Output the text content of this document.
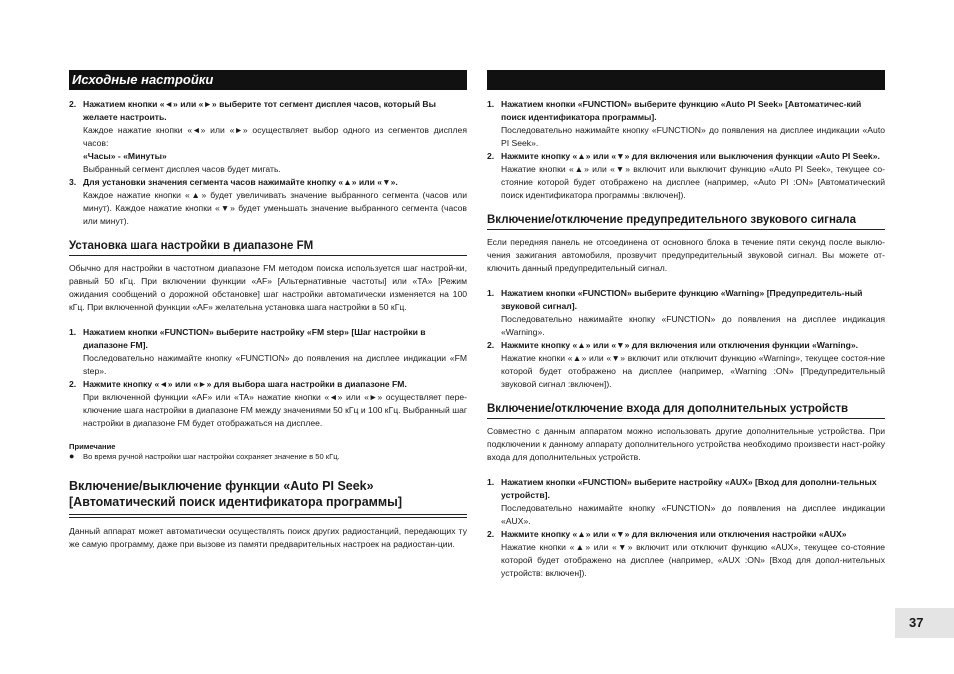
Исходные настройки
2. Нажатием кнопки «◄» или «►» выберите тот сегмент дисплея часов, который Вы желаете настроить.

Каждое нажатие кнопки «◄» или «►» осуществляет выбор одного из сегментов дисплея часов:

«Часы» - «Минуты»

Выбранный сегмент дисплея часов будет мигать.

3. Для установки значения сегмента часов нажимайте кнопку «▲» или «▼».

Каждое нажатие кнопки «▲» будет увеличивать значение выбранного сегмента (часов или минут). Каждое нажатие кнопки «▼» будет уменьшать значение выбранного сегмента (часов или минут).

Установка шага настройки в диапазоне FM

Обычно для настройки в частотном диапазоне FM методом поиска используется шаг настрой-ки, равный 50 кГц. При включении функции «AF» [Альтернативные частоты] или «TA» [Режим ожидания сообщений о дорожной обстановке] шаг настройки автоматически изменяется на 100 кГц. При включенной функции «AF» желательна установка шага настройки в 50 кГц.

1. Нажатием кнопки «FUNCTION» выберите настройку «FM step» [Шаг настройки в диапазоне FM].

Последовательно нажимайте кнопку «FUNCTION» до появления на дисплее индикации «FM step».

2. Нажмите кнопку «◄» или «►» для выбора шага настройки в диапазоне FM.

При включенной функции «AF» или «TA» нажатие кнопки «◄» или «►» осуществляет пере-ключение шага настройки в диапазоне FM между значениями 50 кГц и 100 кГц. Выбранный шаг настройки в диапазоне FM будет отображаться на дисплее.

Примечание

●	Во время ручной настройки шаг настройки сохраняет значение в 50 кГц.
Включение/выключение функции «Auto PI Seek» [Автоматический поиск идентификатора программы]

Данный аппарат может автоматически осуществлять поиск других радиостанций, передающих ту же самую программу, даже при вызове из памяти предварительных настроек на радиостан-ции.

1. Нажатием кнопки «FUNCTION» выберите функцию «Auto PI Seek» [Автоматичес-кий поиск идентификатора программы].

Последовательно нажимайте кнопку «FUNCTION» до появления на дисплее индикации «Auto PI Seek».

2. Нажмите кнопку «▲» или «▼» для включения или выключения функции «Auto PI Seek».

Нажатие кнопки «▲» или «▼» включит или выключит функцию «Auto PI Seek», текущее со-стояние которой будет отображено на дисплее (например, «Auto PI :ON» [Автоматический поиск идентификатора программы :включен]).

Включение/отключение предупредительного звукового сигнала

Если передняя панель не отсоединена от основного блока в течение пяти секунд после выклю-чения зажигания автомобиля, прозвучит предупредительный звуковой сигнал. Вы можете от-ключить данный предупредительный сигнал.

1. Нажатием кнопки «FUNCTION» выберите функцию «Warning» [Предупредитель-ный звуковой сигнал].

Последовательно нажимайте кнопку «FUNCTION» до появления на дисплее индикация «Warning».

2. Нажмите кнопку «▲» или «▼» для включения или отключения функции «Warning».

Нажатие кнопки «▲» или «▼» включит или отключит функцию «Warning», текущее состоя-ние которой будет отображено на дисплее (например, «Warning :ON» [Предупредительный звуковой сигнал :включен]).

Включение/отключение входа для дополнительных устройств

Совместно с данным аппаратом можно использовать другие дополнительные устройства. При подключении к данному аппарату дополнительного устройства необходимо произвести наст-ройку входа для дополнительных устройств.

1. Нажатием кнопки «FUNCTION» выберите настройку «AUX» [Вход для дополни-тельных устройств].

Последовательно нажимайте кнопку «FUNCTION» до появления на дисплее индикации «AUX».

2. Нажмите кнопку «▲» или «▼» для включения или отключения настройки «AUX»

Нажатие кнопки «▲» или «▼» включит или отключит функцию «AUX», текущее со-стояние которой будет отображено на дисплее (например, «AUX :ON» [Вход для допол-нительных устройств: включен]).

37
